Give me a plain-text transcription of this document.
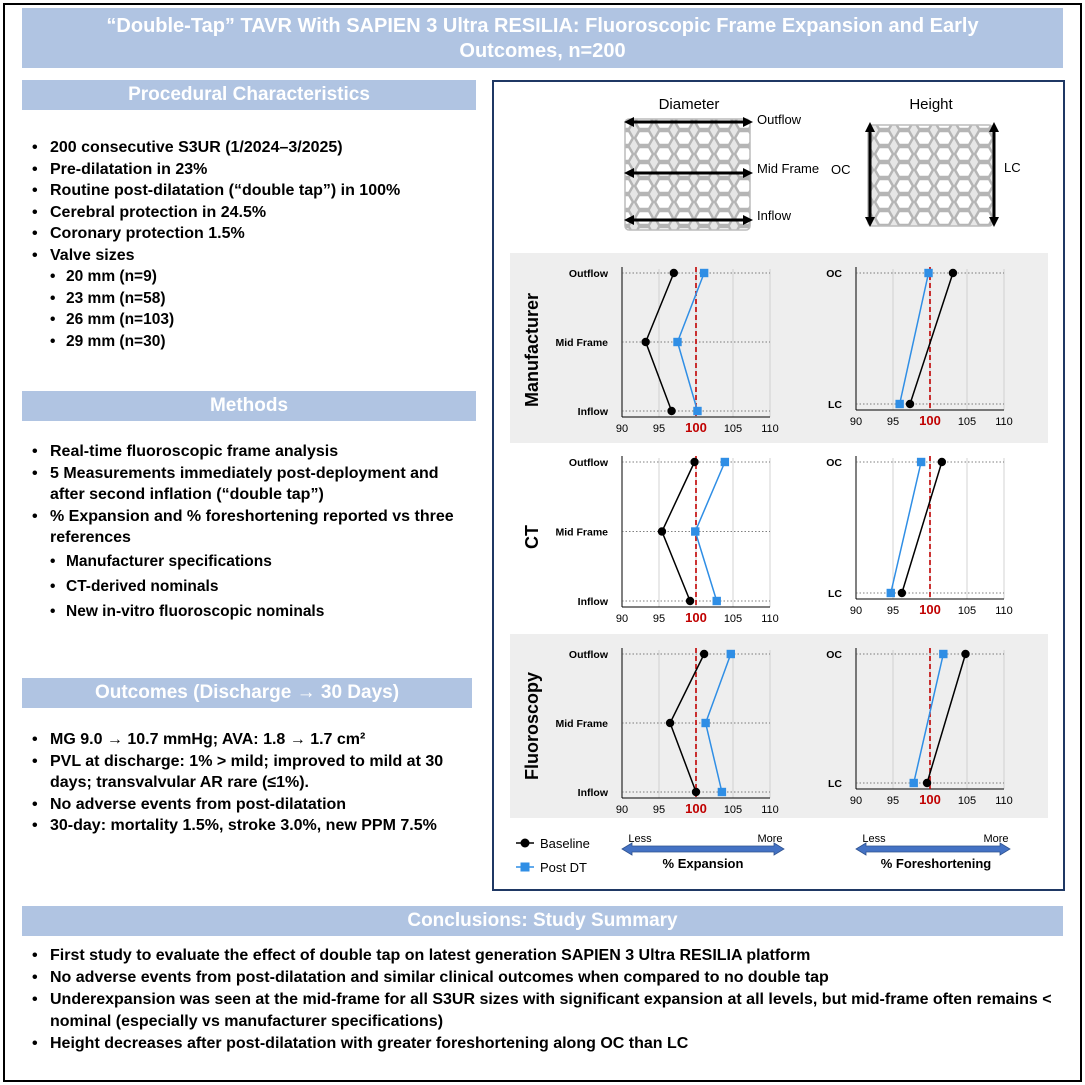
“Double-Tap” TAVR With SAPIEN 3 Ultra RESILIA: Fluoroscopic Frame Expansion and Early
Outcomes, n=200
Procedural Characteristics
• 200 consecutive S3UR (1/2024–3/2025)
• Pre-dilatation in 23%
• Routine post-dilatation (“double tap”) in 100%
• Cerebral protection in 24.5%
• Coronary protection 1.5%
• Valve sizes
• 20 mm (n=9)
• 23 mm (n=58)
• 26 mm (n=103)
• 29 mm (n=30)
Methods
• Real-time fluoroscopic frame analysis
• 5 Measurements immediately post-deployment and after second inflation (“double tap”)
• % Expansion and % foreshortening reported vs three references
• Manufacturer specifications
• CT-derived nominals
• New in-vitro fluoroscopic nominals
Outcomes (Discharge → 30 Days)
• MG 9.0 → 10.7 mmHg; AVA: 1.8 → 1.7 cm²
• PVL at discharge: 1% > mild; improved to mild at 30 days; transvalvular AR rare (≤1%).
• No adverse events from post-dilatation
• 30-day: mortality 1.5%, stroke 3.0%, new PPM 7.5%
Conclusions: Study Summary
• First study to evaluate the effect of double tap on latest generation SAPIEN 3 Ultra RESILIA platform
• No adverse events from post-dilatation and similar clinical outcomes when compared to no double tap
• Underexpansion was seen at the mid-frame for all S3UR sizes with significant expansion at all levels, but mid-frame often remains < nominal (especially vs manufacturer specifications)
• Height decreases after post-dilatation with greater foreshortening along OC than LC
Diameter
Outflow
Mid Frame
Inflow
Height
OC	LC
Manufacturer
CT
Fluoroscopy
Outflow
Mid Frame
Inflow
90 95 100 105 110
OC
LC
90 95 100 105 110
Outflow
Mid Frame
Inflow
90 95 100 105 110
OC
LC
90 95 100 105 110
Outflow
Mid Frame
Inflow
90 95 100 105 110
OC
LC
90 95 100 105 110
Baseline
Post DT
Less	More
% Expansion
Less	More
% Foreshortening
